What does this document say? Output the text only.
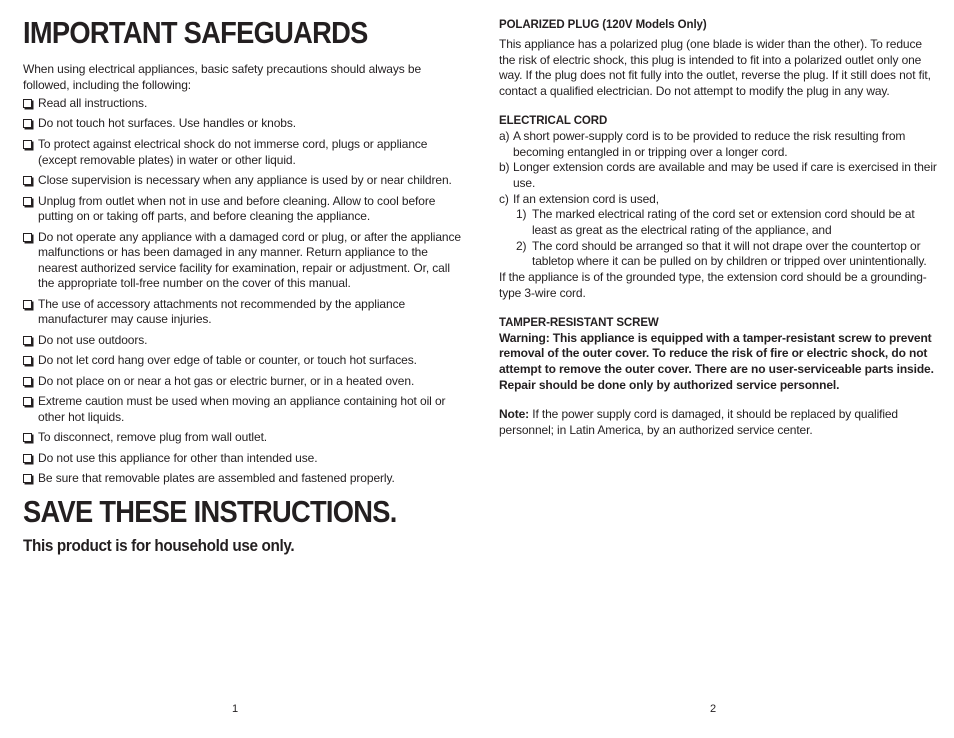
IMPORTANT SAFEGUARDS
When using electrical appliances, basic safety precautions should always be followed, including the following:
Read all instructions.
Do not touch hot surfaces. Use handles or knobs.
To protect against electrical shock do not immerse cord, plugs or appliance (except removable plates) in water or other liquid.
Close supervision is necessary when any appliance is used by or near children.
Unplug from outlet when not in use and before cleaning. Allow to cool before putting on or taking off parts, and before cleaning the appliance.
Do not operate any appliance with a damaged cord or plug, or after the appliance malfunctions or has been damaged in any manner. Return appliance to the nearest authorized service facility for examination, repair or adjustment. Or, call the appropriate toll-free number on the cover of this manual.
The use of accessory attachments not recommended by the appliance manufacturer may cause injuries.
Do not use outdoors.
Do not let cord hang over edge of table or counter, or touch hot surfaces.
Do not place on or near a hot gas or electric burner, or in a heated oven.
Extreme caution must be used when moving an appliance containing hot oil or other hot liquids.
To disconnect, remove plug from wall outlet.
Do not use this appliance for other than intended use.
Be sure that removable plates are assembled and fastened properly.
SAVE THESE INSTRUCTIONS.
This product is for household use only.
1
POLARIZED PLUG (120V Models Only)
This appliance has a polarized plug (one blade is wider than the other). To reduce the risk of electric shock, this plug is intended to fit into a polarized outlet only one way. If the plug does not fit fully into the outlet, reverse the plug. If it still does not fit, contact a qualified electrician. Do not attempt to modify the plug in any way.
ELECTRICAL CORD
a) A short power-supply cord is to be provided to reduce the risk resulting from becoming entangled in or tripping over a longer cord.
b) Longer extension cords are available and may be used if care is exercised in their use.
c) If an extension cord is used,
1) The marked electrical rating of the cord set or extension cord should be at least as great as the electrical rating of the appliance, and
2) The cord should be arranged so that it will not drape over the countertop or tabletop where it can be pulled on by children or tripped over unintentionally.
If the appliance is of the grounded type, the extension cord should be a grounding-type 3-wire cord.
TAMPER-RESISTANT SCREW
Warning: This appliance is equipped with a tamper-resistant screw to prevent removal of the outer cover. To reduce the risk of fire or electric shock, do not attempt to remove the outer cover. There are no user-serviceable parts inside. Repair should be done only by authorized service personnel.
Note: If the power supply cord is damaged, it should be replaced by qualified personnel; in Latin America, by an authorized service center.
2
